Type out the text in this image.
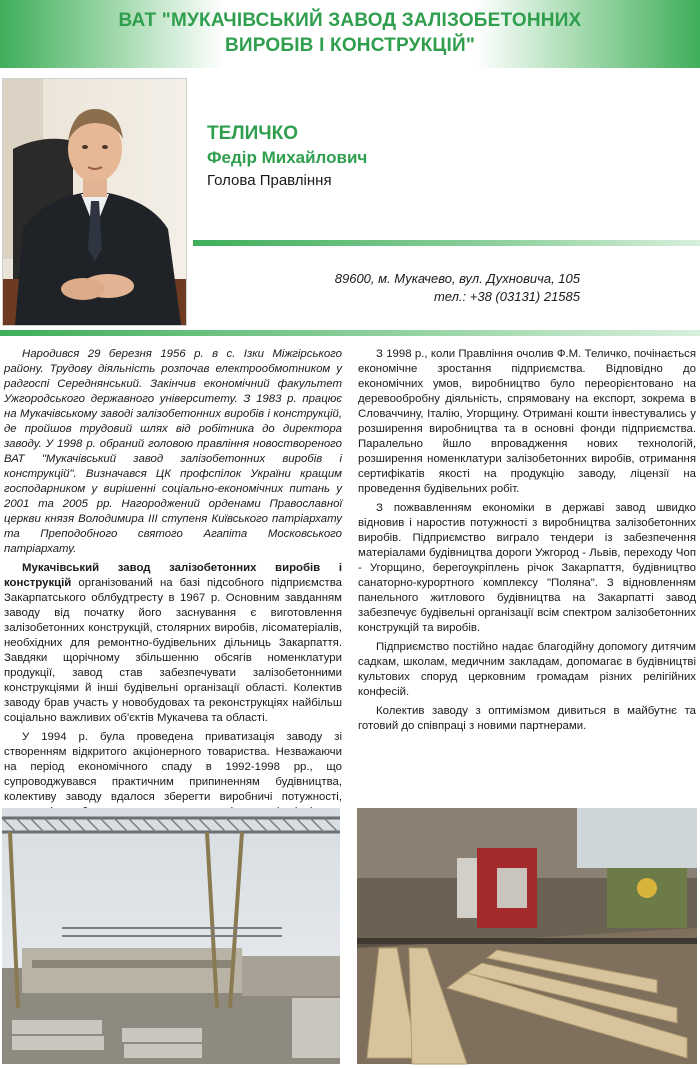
ВАТ "МУКАЧІВСЬКИЙ ЗАВОД ЗАЛІЗОБЕТОННИХ
ВИРОБІВ І КОНСТРУКЦІЙ"
ТЕЛИЧКО
Федір Михайлович
Голова Правління
89600, м. Мукачево, вул. Духновича, 105
тел.: +38 (03131) 21585

Народився 29 березня 1956 р. в с. Ізки Міжгірського району. Трудову діяльність розпочав електрообмотником у радгоспі Середнянський. Закінчив економічний факультет Ужгородського державного університету. З 1983 р. працює на Мукачівському заводі залізобетонних виробів і конструкцій, де пройшов трудовий шлях від робітника до директора заводу. У 1998 р. обраний головою правління новоствореного ВАТ "Мукачівський завод залізобетонних виробів і конструкцій". Визначався ЦК профспілок України кращим господарником у вирішенні соціально-економічних питань у 2001 та 2005 рр. Нагороджений орденами Православної церкви князя Володимира III ступеня Київського патріархату та Преподобного святого Агапіта Московського патріархату.

Мукачівський завод залізобетонних виробів і конструкцій організований на базі підсобного підприємства Закарпатського облбудтресту в 1967 р. Основним завданням заводу від початку його заснування є виготовлення залізобетонних конструкцій, столярних виробів, лісоматеріалів, необхідних для ремонтно-будівельних дільниць Закарпаття. Завдяки щорічному збільшенню обсягів номенклатури продукції, завод став забезпечувати залізобетонними конструкціями й інші будівельні організації області. Колектив заводу брав участь у новобудовах та реконструкціях найбільш соціально важливих об'єктів Мукачева та області.

У 1994 р. була проведена приватизація заводу зі створенням відкритого акціонерного товариства. Незважаючи на період економічного спаду в 1992-1998 рр., що супроводжувався практичним припиненням будівництва, колективу заводу вдалося зберегти виробничі потужності,

З 1998 р., коли Правління очолив Ф.М. Теличко, почінається економічне зростання підприємства. Відповідно до економічних умов, виробництво було переорієнтовано на деревообробну діяльність, спрямовану на експорт, зокрема в Словаччину, Італію, Угорщину. Отримані кошти інвестувались у розширення виробництва та в основні фонди підприємства. Паралельно йшло впровадження нових технологій, розширення номенклатури залізобетонних виробів, отримання сертифікатів якості на продукцію заводу, ліцензії на проведення будівельних робіт.

З пожвавленням економіки в державі завод швидко відновив і наростив потужності з виробництва залізобетонних виробів. Підприємство виграло тендери із забезпечення матеріалами будівництва дороги Ужгород - Львів, переходу Чоп - Угорщино, берегоукріплень річок Закарпаття, будівництво санаторно-курортного комплексу "Поляна". З відновленням панельного житлового будівництва на Закарпатті завод забезпечує будівельні організації всім спектром залізобетонних конструкцій та виробів.

Підприємство постійно надає благодійну допомогу дитячим садкам, школам, медичним закладам, допомагає в будівництві культових споруд церковним громадам різних релігійних конфесій.

Колектив заводу з оптимізмом дивиться в майбутнє та готовий до співпраці з новими партнерами.
